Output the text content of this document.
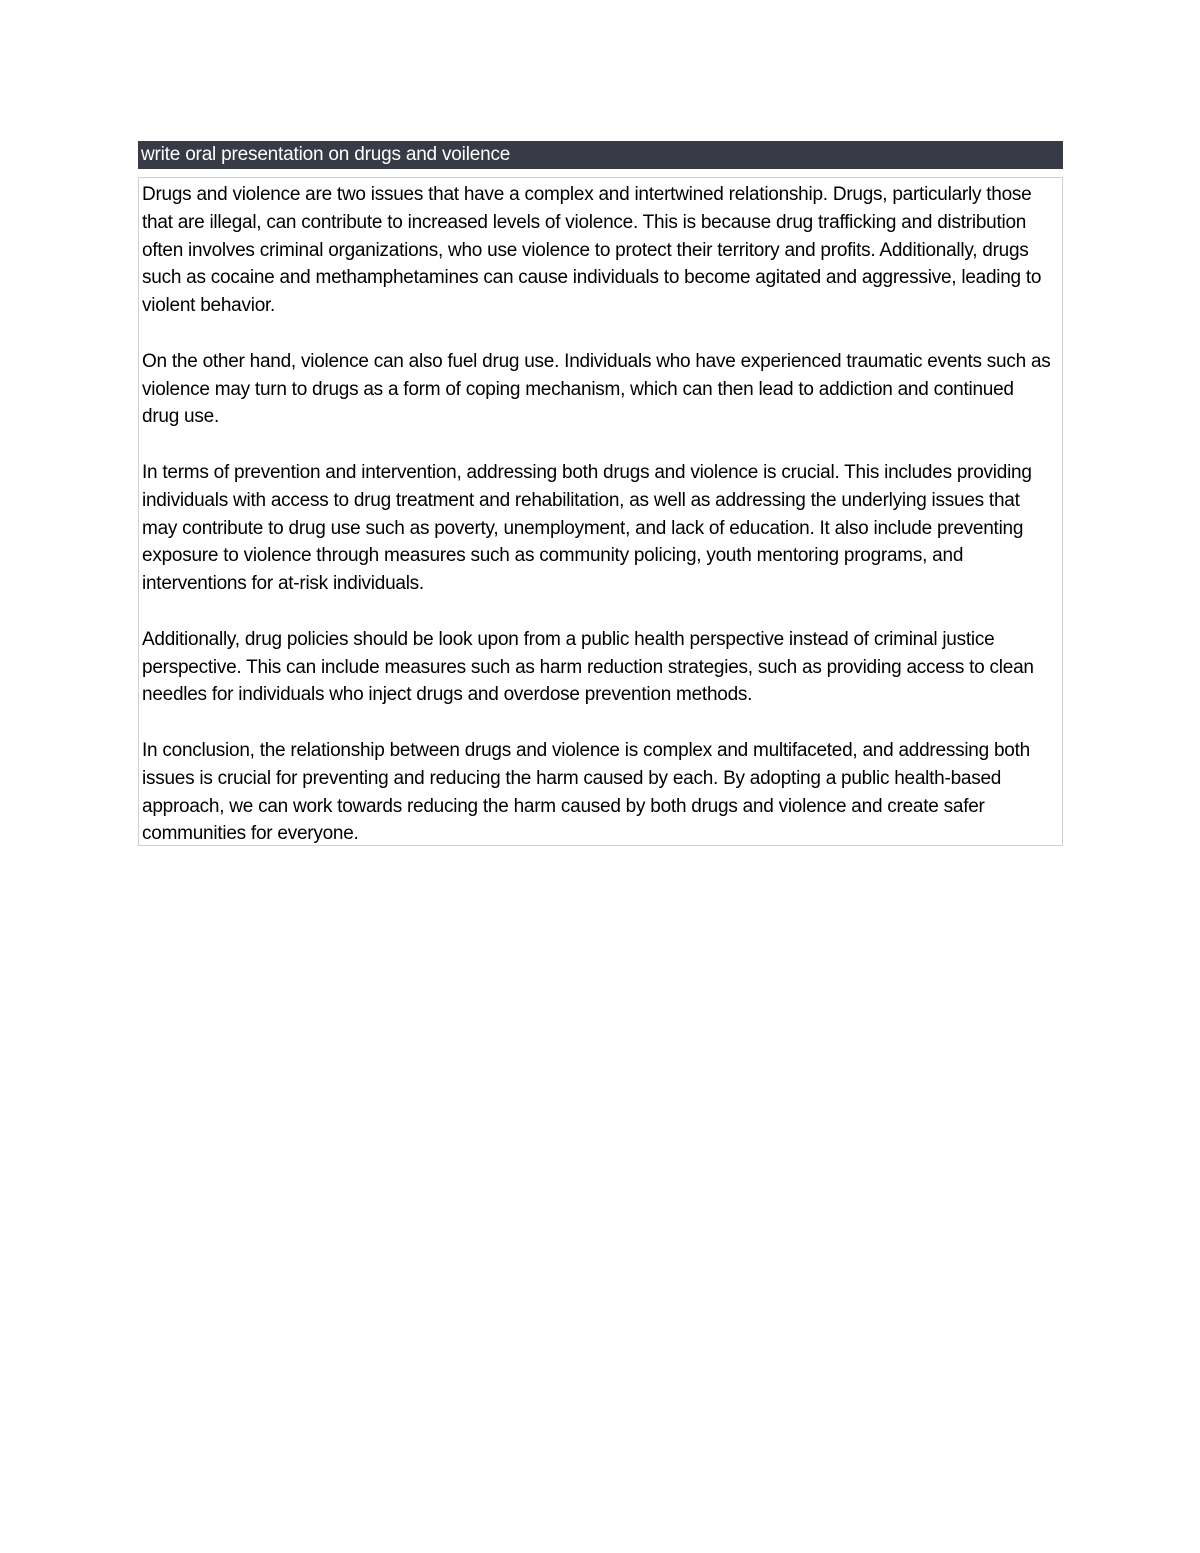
write oral presentation on drugs and voilence

Drugs and violence are two issues that have a complex and intertwined relationship. Drugs, particularly those that are illegal, can contribute to increased levels of violence. This is because drug trafficking and distribution often involves criminal organizations, who use violence to protect their territory and profits. Additionally, drugs such as cocaine and methamphetamines can cause individuals to become agitated and aggressive, leading to violent behavior.

On the other hand, violence can also fuel drug use. Individuals who have experienced traumatic events such as violence may turn to drugs as a form of coping mechanism, which can then lead to addiction and continued drug use.

In terms of prevention and intervention, addressing both drugs and violence is crucial. This includes providing individuals with access to drug treatment and rehabilitation, as well as addressing the underlying issues that may contribute to drug use such as poverty, unemployment, and lack of education. It also include preventing exposure to violence through measures such as community policing, youth mentoring programs, and interventions for at-risk individuals.

Additionally, drug policies should be look upon from a public health perspective instead of criminal justice perspective. This can include measures such as harm reduction strategies, such as providing access to clean needles for individuals who inject drugs and overdose prevention methods.

In conclusion, the relationship between drugs and violence is complex and multifaceted, and addressing both issues is crucial for preventing and reducing the harm caused by each. By adopting a public health-based approach, we can work towards reducing the harm caused by both drugs and violence and create safer communities for everyone.
